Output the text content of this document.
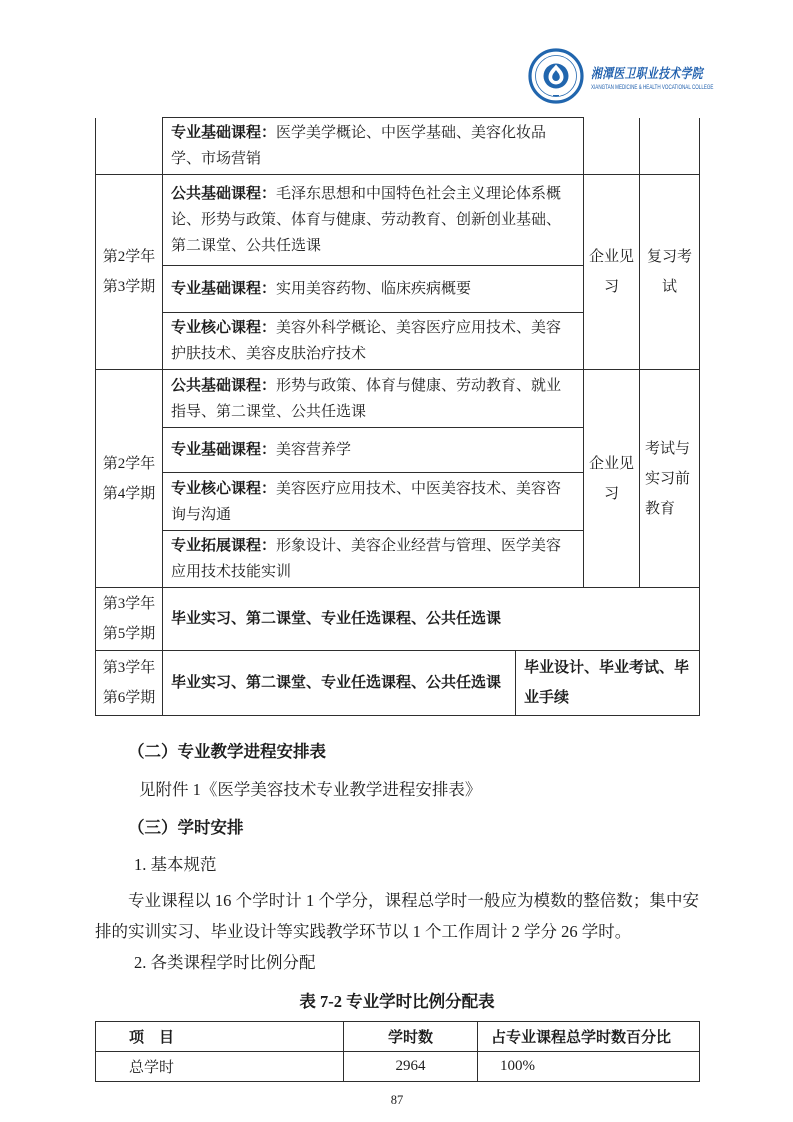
湘潭医卫职业技术学院
XIANGTAN MEDICINE & HEALTH VOCATIONAL COLLEGE
	专业基础课程：医学美学概论、中医学基础、美容化妆品学、市场营销			

第2学年
第3学期	公共基础课程：毛泽东思想和中国特色社会主义理论体系概论、形势与政策、体育与健康、劳动教育、创新创业基础、第二课堂、公共任选课		企业见习	复习考试
	专业基础课程：实用美容药物、临床疾病概要			
	专业核心课程：美容外科学概论、美容医疗应用技术、美容护肤技术、美容皮肤治疗技术			

第2学年
第4学期	公共基础课程：形势与政策、体育与健康、劳动教育、就业指导、第二课堂、公共任选课		企业见习	考试与实习前教育
	专业基础课程：美容营养学			
	专业核心课程：美容医疗应用技术、中医美容技术、美容咨询与沟通			
	专业拓展课程：形象设计、美容企业经营与管理、医学美容应用技术技能实训			

第3学年
第5学期	毕业实习、第二课堂、专业任选课程、公共任选课			

第3学年
第6学期	毕业实习、第二课堂、专业任选课程、公共任选课	毕业设计、毕业考试、毕业手续		
（二）专业教学进程安排表
见附件 1《医学美容技术专业教学进程安排表》
（三）学时安排
1. 基本规范
专业课程以 16 个学时计 1 个学分，课程总学时一般应为模数的整倍数；集中安排的实训实习、毕业设计等实践教学环节以 1 个工作周计 2 学分 26 学时。
2. 各类课程学时比例分配
表 7-2 专业学时比例分配表
项　目	学时数	占专业课程总学时数百分比
总学时	2964	100%
87
